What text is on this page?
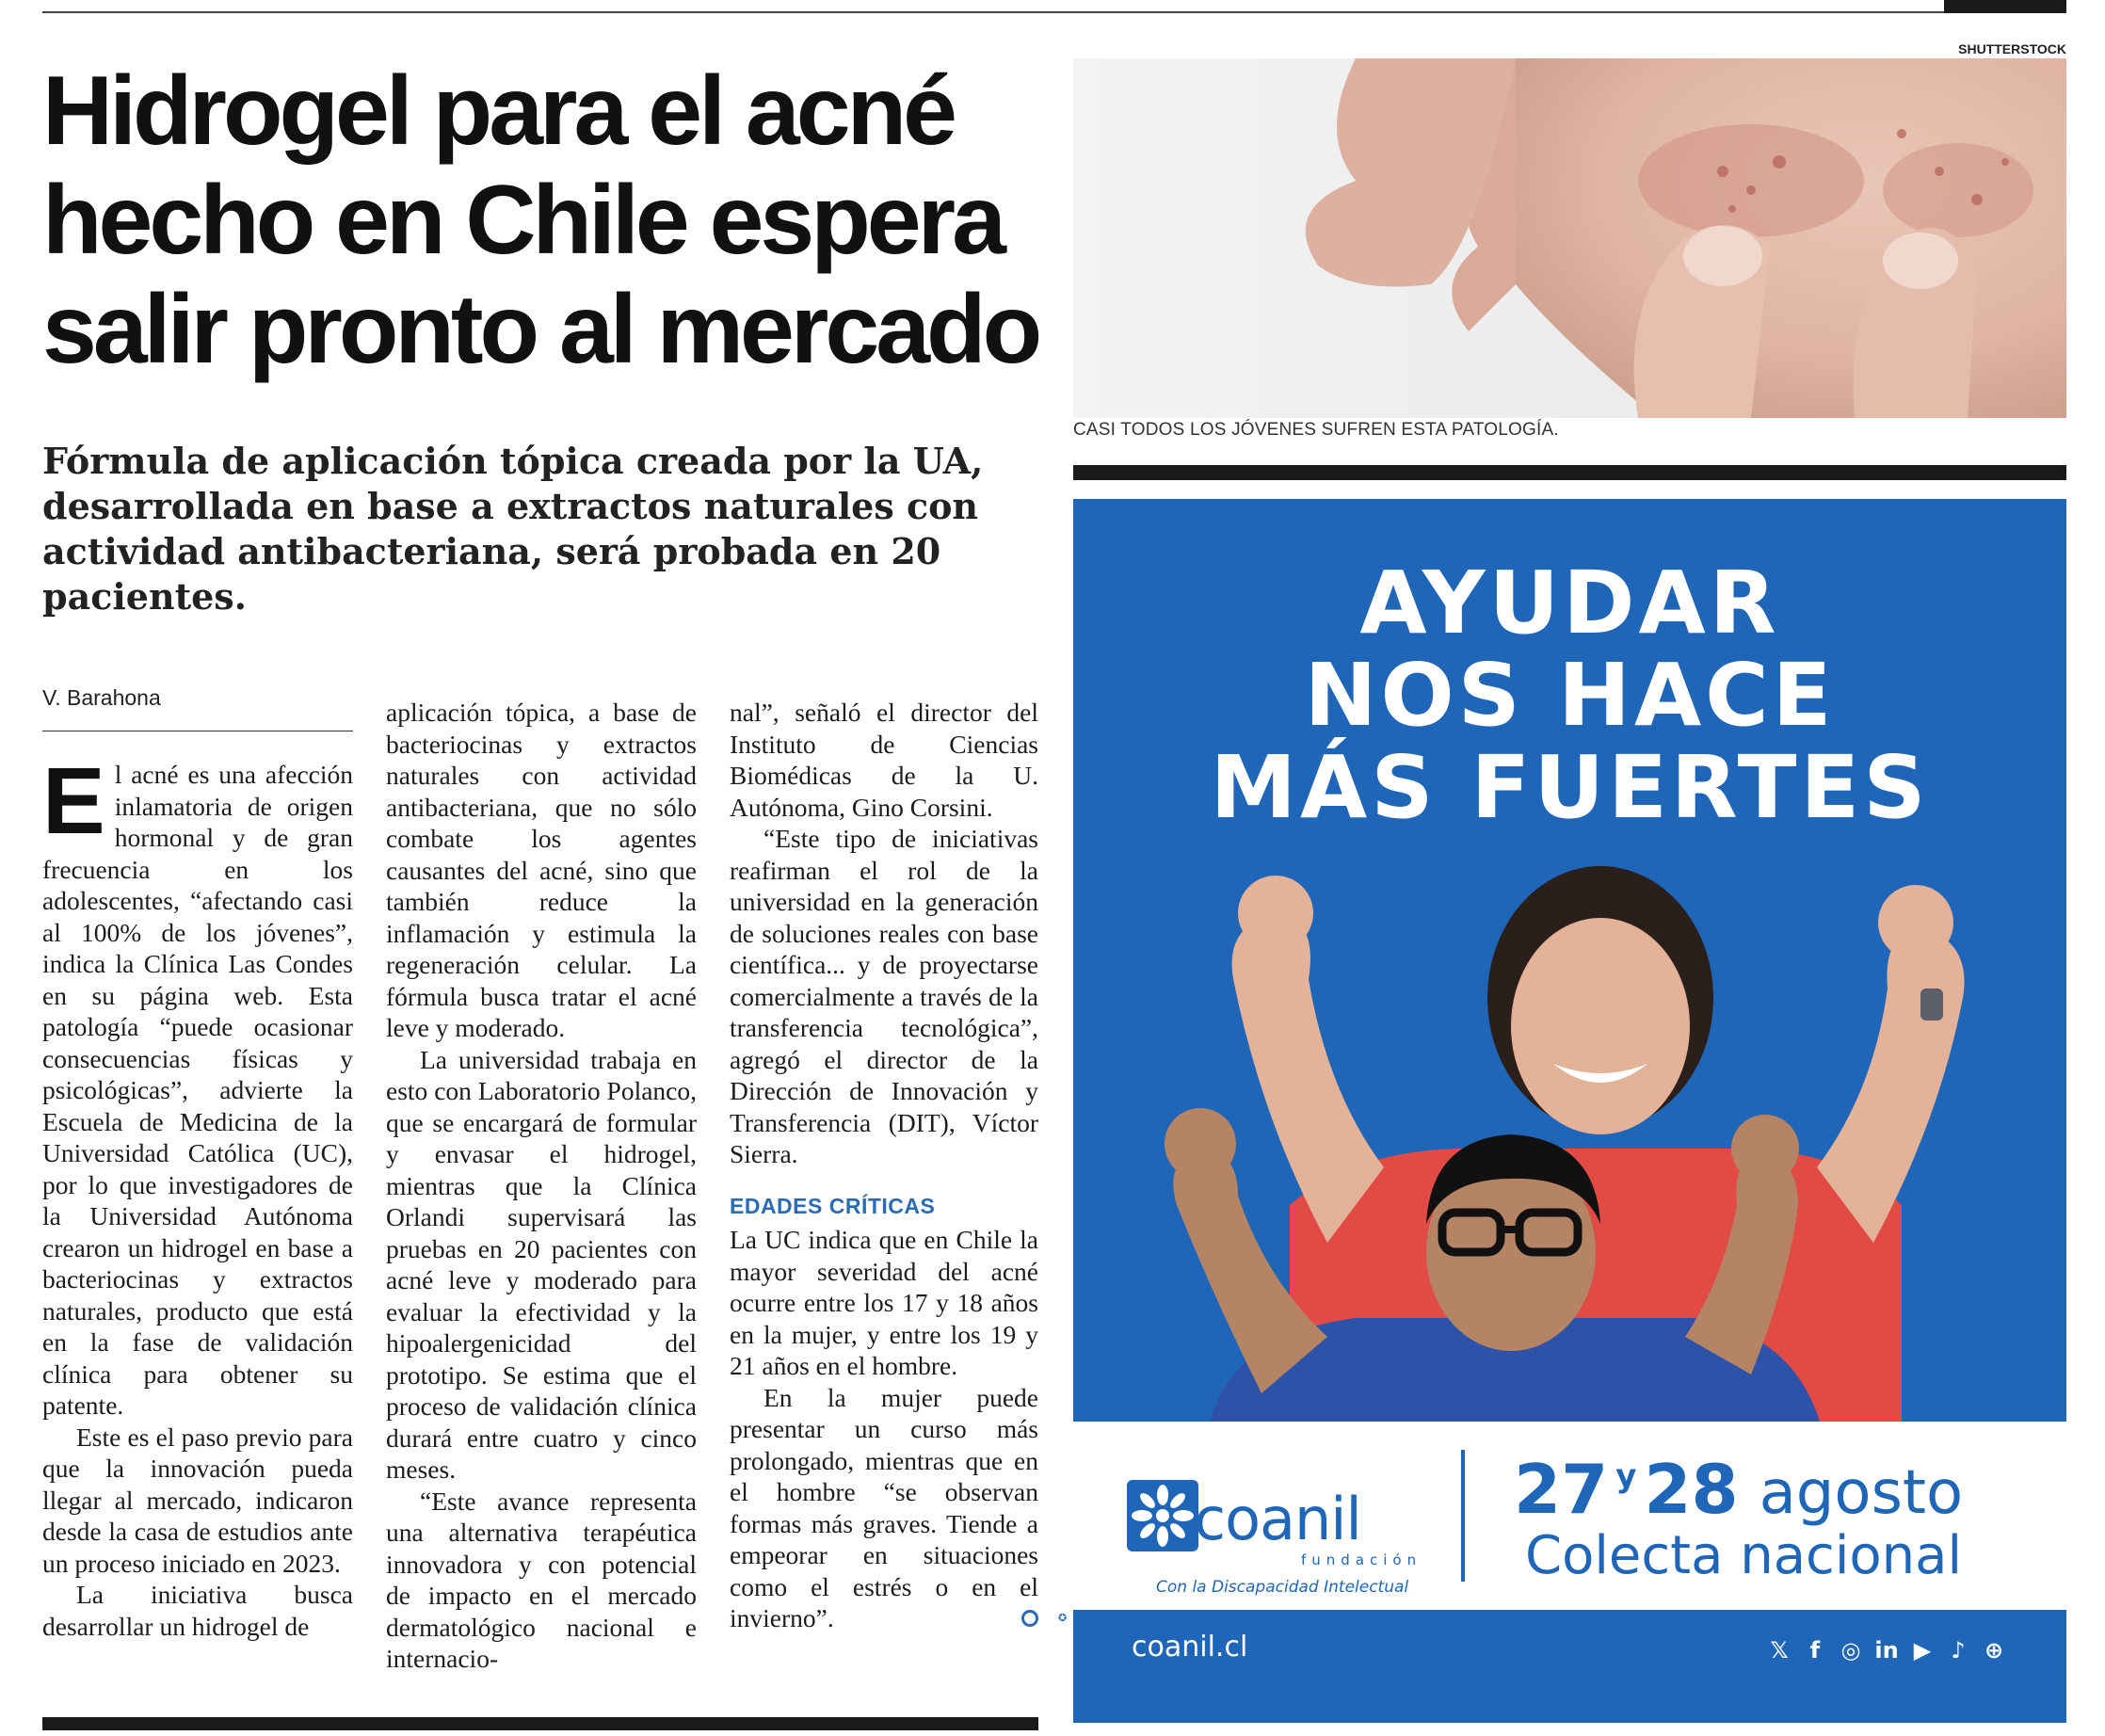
Hidrogel para el acné
hecho en Chile espera
salir pronto al mercado

Fórmula de aplicación tópica creada por la UA, desarrollada en base a extractos naturales con actividad antibacteriana, será probada en 20 pacientes.

V. Barahona

El acné es una afección inlamatoria de origen hormonal y de gran frecuencia en los adolescentes, “afectando casi al 100% de los jóvenes”, indica la Clínica Las Condes en su página web. Esta patología “puede ocasionar consecuencias físicas y psicológicas”, advierte la Escuela de Medicina de la Universidad Católica (UC), por lo que investigadores de la Universidad Autónoma crearon un hidrogel en base a bacteriocinas y extractos naturales, producto que está en la fase de validación clínica para obtener su patente.

Este es el paso previo para que la innovación pueda llegar al mercado, indicaron desde la casa de estudios ante un proceso iniciado en 2023.

La iniciativa busca desarrollar un hidrogel de

aplicación tópica, a base de bacteriocinas y extractos naturales con actividad antibacteriana, que no sólo combate los agentes causantes del acné, sino que también reduce la inflamación y estimula la regeneración celular. La fórmula busca tratar el acné leve y moderado.

La universidad trabaja en esto con Laboratorio Polanco, que se encargará de formular y envasar el hidrogel, mientras que la Clínica Orlandi supervisará las pruebas en 20 pacientes con acné leve y moderado para evaluar la efectividad y la hipoalergenicidad del prototipo. Se estima que el proceso de validación clínica durará entre cuatro y cinco meses.

“Este avance representa una alternativa terapéutica innovadora y con potencial de impacto en el mercado dermatológico nacional e internacio-

nal”, señaló el director del Instituto de Ciencias Biomédicas de la U. Autónoma, Gino Corsini.

“Este tipo de iniciativas reafirman el rol de la universidad en la generación de soluciones reales con base científica... y de proyectarse comercialmente a través de la transferencia tecnológica”, agregó el director de la Dirección de Innovación y Transferencia (DIT), Víctor Sierra.

EDADES CRÍTICAS

La UC indica que en Chile la mayor severidad del acné ocurre entre los 17 y 18 años en la mujer, y entre los 19 y 21 años en el hombre.

En la mujer puede presentar un curso más prolongado, mientras que en el hombre “se observan formas más graves. Tiende a empeorar en situaciones como el estrés o en el invierno”.	✪

SHUTTERSTOCK
CASI TODOS LOS JÓVENES SUFREN ESTA PATOLOGÍA.
AYUDAR
NOS HACE
MÁS FUERTES
coanil
fundación
Con la Discapacidad Intelectual
27 y 28 agosto
Colecta nacional
coanil.cl	𝕏 f ◎ in ▶ ♪ ⊕
